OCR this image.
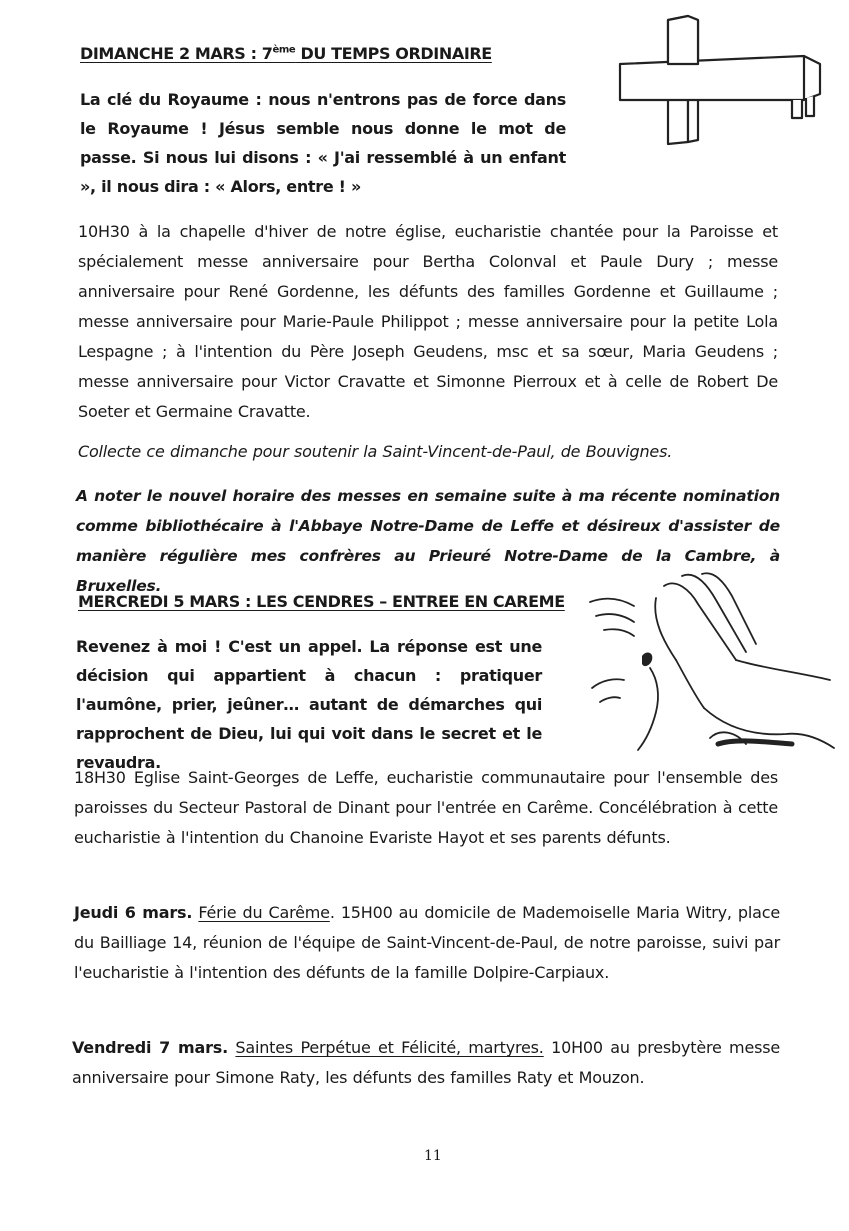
DIMANCHE 2 MARS : 7ème DU TEMPS ORDINAIRE

La clé du Royaume : nous n'entrons pas de force dans le Royaume ! Jésus semble nous donne le mot de passe. Si nous lui disons : « J'ai ressemblé à un enfant », il nous dira : « Alors, entre ! »

10H30 à la chapelle d'hiver de notre église, eucharistie chantée pour la Paroisse et spécialement messe anniversaire pour Bertha Colonval et Paule Dury ; messe anniversaire pour René Gordenne, les défunts des familles Gordenne et Guillaume ; messe anniversaire pour Marie-Paule Philippot ; messe anniversaire pour la petite Lola Lespagne ; à l'intention du Père Joseph Geudens, msc et sa sœur, Maria Geudens ; messe anniversaire pour Victor Cravatte et Simonne Pierroux et à celle de Robert De Soeter et Germaine Cravatte.

Collecte ce dimanche pour soutenir la Saint-Vincent-de-Paul, de Bouvignes.

A noter le nouvel horaire des messes en semaine suite à ma récente nomination comme bibliothécaire à l'Abbaye Notre-Dame de Leffe et désireux d'assister de manière régulière mes confrères au Prieuré Notre-Dame de la Cambre, à Bruxelles.

MERCREDI 5 MARS : LES CENDRES – ENTREE EN CAREME

Revenez à moi ! C'est un appel. La réponse est une décision qui appartient à chacun : pratiquer l'aumône, prier, jeûner… autant de démarches qui rapprochent de Dieu, lui qui voit dans le secret et le revaudra.

18H30 Eglise Saint-Georges de Leffe, eucharistie communautaire pour l'ensemble des paroisses du Secteur Pastoral de Dinant pour l'entrée en Carême. Concélébration à cette eucharistie à l'intention du Chanoine Evariste Hayot et ses parents défunts.

Jeudi 6 mars. Férie du Carême. 15H00 au domicile de Mademoiselle Maria Witry, place du Bailliage 14, réunion de l'équipe de Saint-Vincent-de-Paul, de notre paroisse, suivi par l'eucharistie à l'intention des défunts de la famille Dolpire-Carpiaux.

Vendredi 7 mars. Saintes Perpétue et Félicité, martyres. 10H00 au presbytère messe anniversaire pour Simone Raty, les défunts des familles Raty et Mouzon.

11
